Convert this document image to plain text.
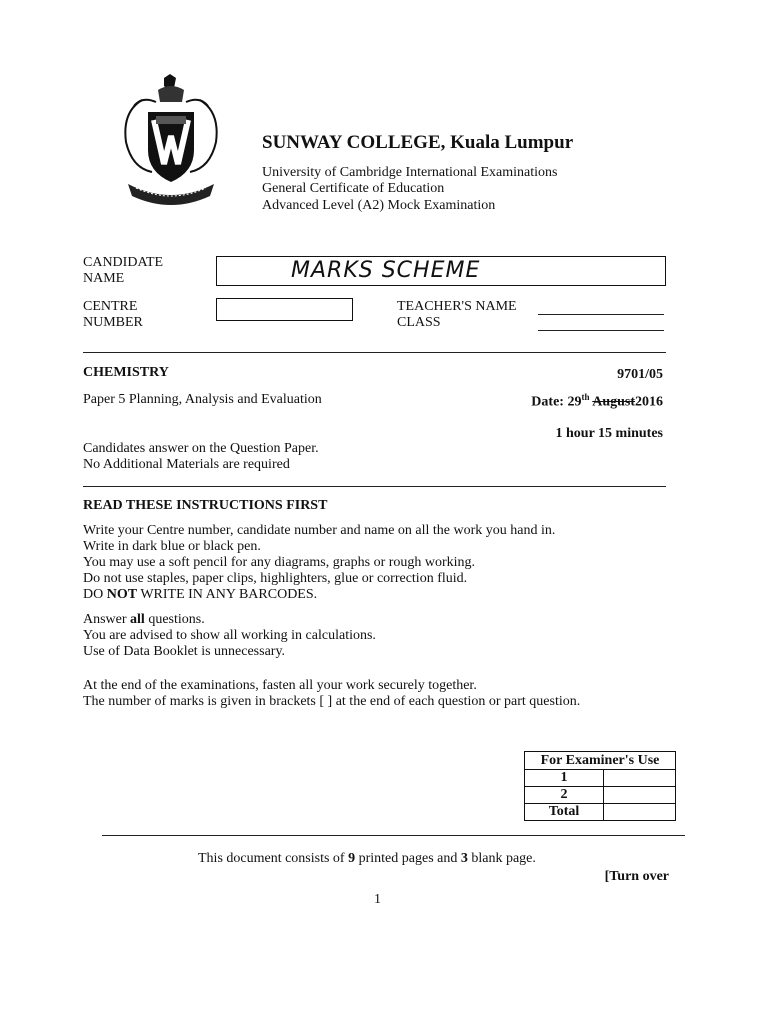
SUNWAY COLLEGE, Kuala Lumpur
University of Cambridge International Examinations
General Certificate of Education
Advanced Level (A2) Mock Examination
CANDIDATE
NAME	MARKS SCHEME
CENTRE
NUMBER
TEACHER'S NAME
CLASS
CHEMISTRY	9701/05
Paper 5 Planning, Analysis and Evaluation	Date: 29th August2016
1 hour 15 minutes
Candidates answer on the Question Paper.
No Additional Materials are required
READ THESE INSTRUCTIONS FIRST
Write your Centre number, candidate number and name on all the work you hand in.
Write in dark blue or black pen.
You may use a soft pencil for any diagrams, graphs or rough working.
Do not use staples, paper clips, highlighters, glue or correction fluid.
DO NOT WRITE IN ANY BARCODES.
Answer all questions.
You are advised to show all working in calculations.
Use of Data Booklet is unnecessary.
At the end of the examinations, fasten all your work securely together.
The number of marks is given in brackets [ ] at the end of each question or part question.
For Examiner's Use	
1	
2	
Total	
This document consists of 9 printed pages and 3 blank page.
[Turn over
1
